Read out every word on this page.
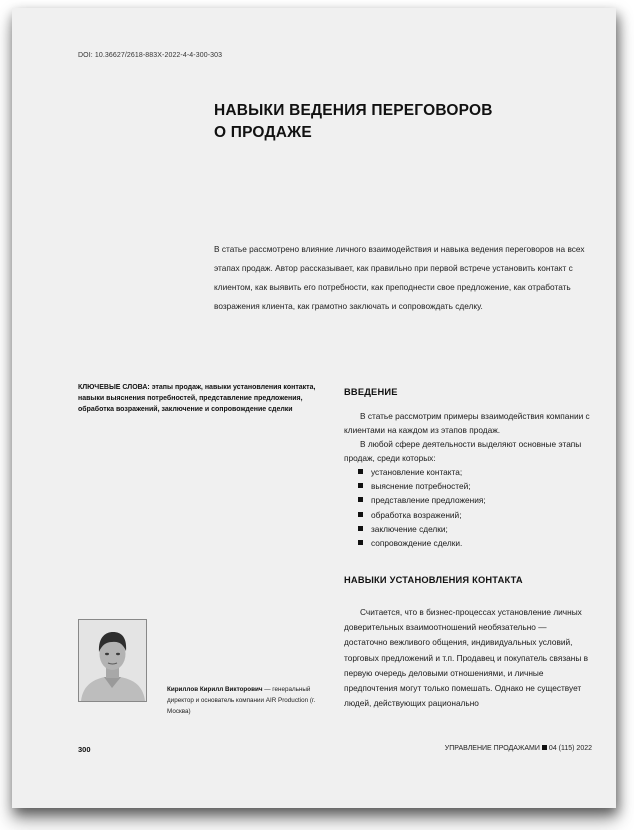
DOI: 10.36627/2618-883X-2022-4-4-300-303
НАВЫКИ ВЕДЕНИЯ ПЕРЕГОВОРОВ
О ПРОДАЖЕ
В статье рассмотрено влияние личного взаимодействия и навыка ведения переговоров на всех этапах продаж. Автор рассказывает, как правильно при первой встрече установить контакт с клиентом, как выявить его потребности, как преподнести свое предложение, как отработать возражения клиента, как грамотно заключать и сопровождать сделку.
КЛЮЧЕВЫЕ СЛОВА: этапы продаж, навыки установления контакта, навыки выяснения потребностей, представление предложения, обработка возражений, заключение и сопровождение сделки
ВВЕДЕНИЕ
В статье рассмотрим примеры взаимодействия компании с клиентами на каждом из этапов продаж.
В любой сфере деятельности выделяют основные этапы продаж, среди которых:
установление контакта;
выяснение потребностей;
представление предложения;
обработка возражений;
заключение сделки;
сопровождение сделки.
НАВЫКИ УСТАНОВЛЕНИЯ КОНТАКТА
Считается, что в бизнес-процессах установление личных доверительных взаимоотношений необязательно — достаточно вежливого общения, индивидуальных условий, торговых предложений и т.п. Продавец и покупатель связаны в первую очередь деловыми отношениями, и личные предпочтения могут только помешать. Однако не существует людей, действующих рационально
Кириллов Кирилл Викторович — генеральный директор и основатель компании AIR Production (г. Москва)
300	УПРАВЛЕНИЕ ПРОДАЖАМИ 04 (115) 2022
